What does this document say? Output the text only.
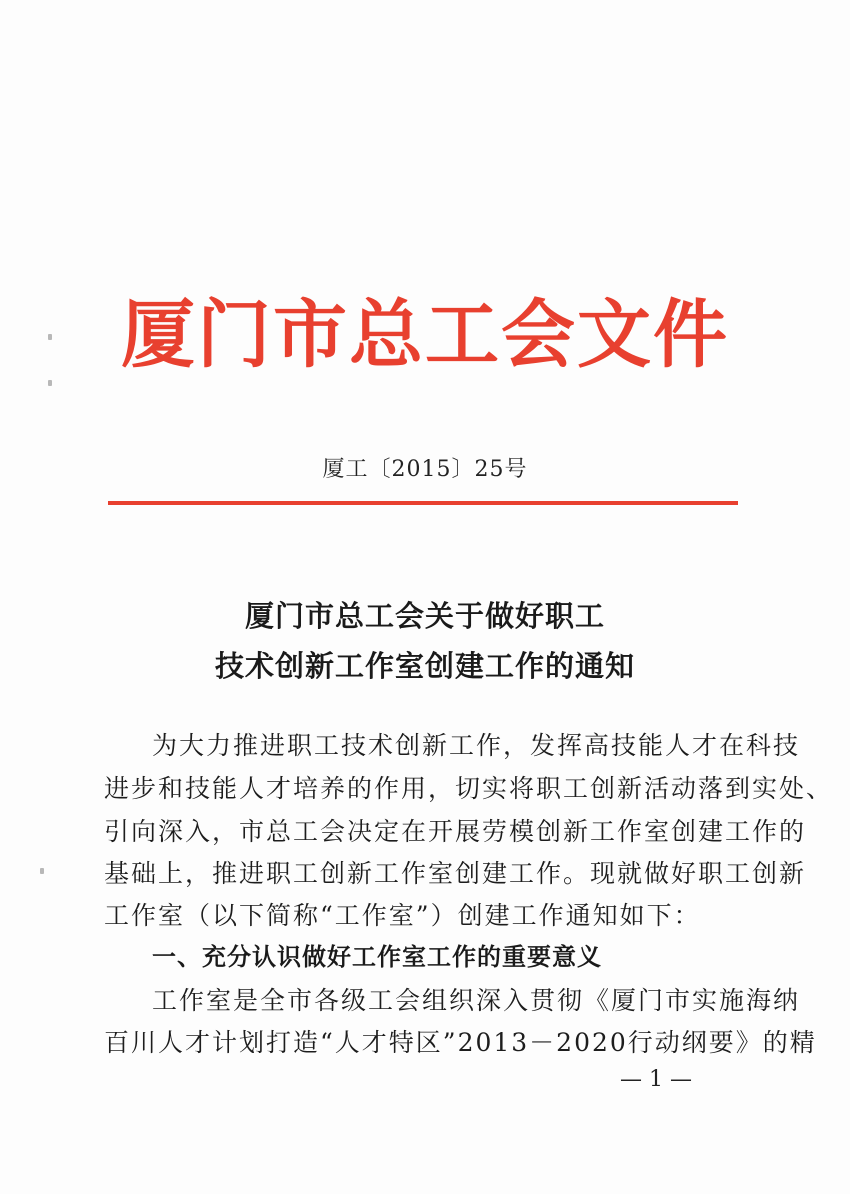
厦门市总工会文件
厦工〔2015〕25号
厦门市总工会关于做好职工
技术创新工作室创建工作的通知
为大力推进职工技术创新工作，发挥高技能人才在科技
进步和技能人才培养的作用，切实将职工创新活动落到实处、
引向深入，市总工会决定在开展劳模创新工作室创建工作的
基础上，推进职工创新工作室创建工作。现就做好职工创新
工作室（以下简称“工作室”）创建工作通知如下：
一、充分认识做好工作室工作的重要意义
工作室是全市各级工会组织深入贯彻《厦门市实施海纳
百川人才计划打造“人才特区”2013－2020行动纲要》的精
— 1 —
